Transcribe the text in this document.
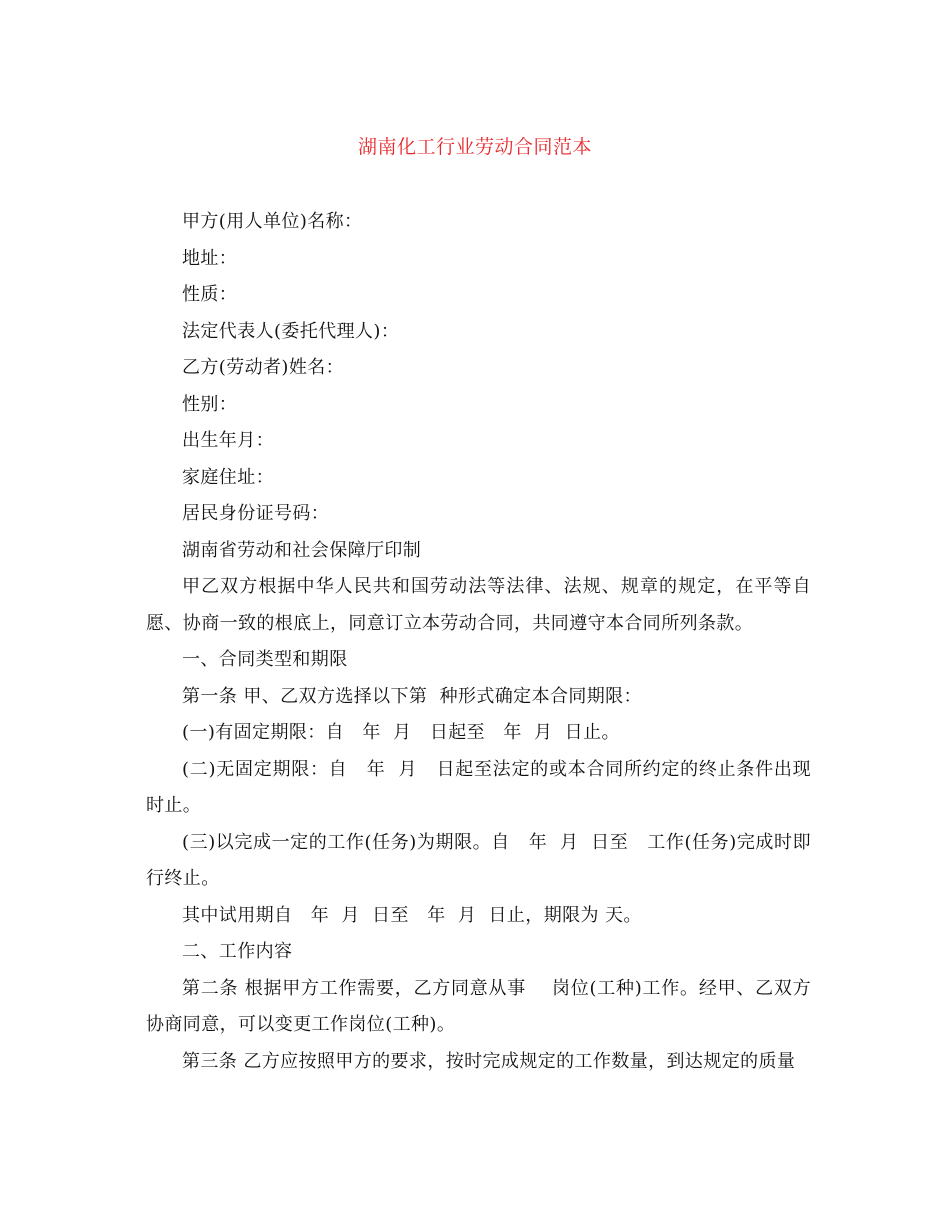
湖南化工行业劳动合同范本

甲方(用人单位)名称：

地址：

性质：

法定代表人(委托代理人)：

乙方(劳动者)姓名：

性别：

出生年月：

家庭住址：

居民身份证号码：

湖南省劳动和社会保障厅印制

甲乙双方根据中华人民共和国劳动法等法律、法规、规章的规定，在平等自愿、协商一致的根底上，同意订立本劳动合同，共同遵守本合同所列条款。

一、合同类型和期限

第一条 甲、乙双方选择以下第  种形式确定本合同期限：

(一)有固定期限：自   年  月   日起至   年  月  日止。

(二)无固定期限：自   年  月   日起至法定的或本合同所约定的终止条件出现时止。

(三)以完成一定的工作(任务)为期限。自   年  月  日至   工作(任务)完成时即行终止。

其中试用期自   年  月  日至   年  月  日止，期限为 天。

二、工作内容

第二条 根据甲方工作需要，乙方同意从事    岗位(工种)工作。经甲、乙双方协商同意，可以变更工作岗位(工种)。

第三条 乙方应按照甲方的要求，按时完成规定的工作数量，到达规定的质量
